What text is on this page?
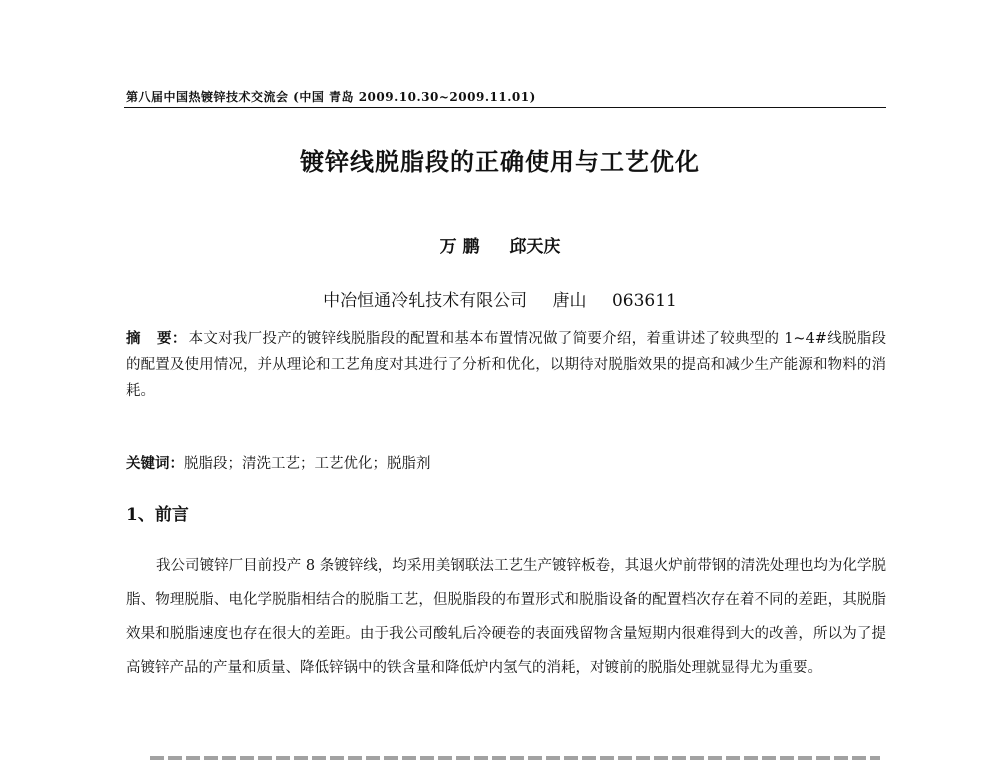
第八届中国热镀锌技术交流会 (中国 青岛 2009.10.30~2009.11.01)
镀锌线脱脂段的正确使用与工艺优化
万 鹏 邱天庆
中冶恒通冷轧技术有限公司 唐山 063611
摘 要： 本文对我厂投产的镀锌线脱脂段的配置和基本布置情况做了简要介绍，着重讲述了较典型的 1~4#线脱脂段的配置及使用情况，并从理论和工艺角度对其进行了分析和优化，以期待对脱脂效果的提高和减少生产能源和物料的消耗。
关键词：脱脂段；清洗工艺；工艺优化；脱脂剂
1、前言
我公司镀锌厂目前投产 8 条镀锌线，均采用美钢联法工艺生产镀锌板卷，其退火炉前带钢的清洗处理也均为化学脱脂、物理脱脂、电化学脱脂相结合的脱脂工艺，但脱脂段的布置形式和脱脂设备的配置档次存在着不同的差距，其脱脂效果和脱脂速度也存在很大的差距。由于我公司酸轧后冷硬卷的表面残留物含量短期内很难得到大的改善，所以为了提高镀锌产品的产量和质量、降低锌锅中的铁含量和降低炉内氢气的消耗，对镀前的脱脂处理就显得尤为重要。
